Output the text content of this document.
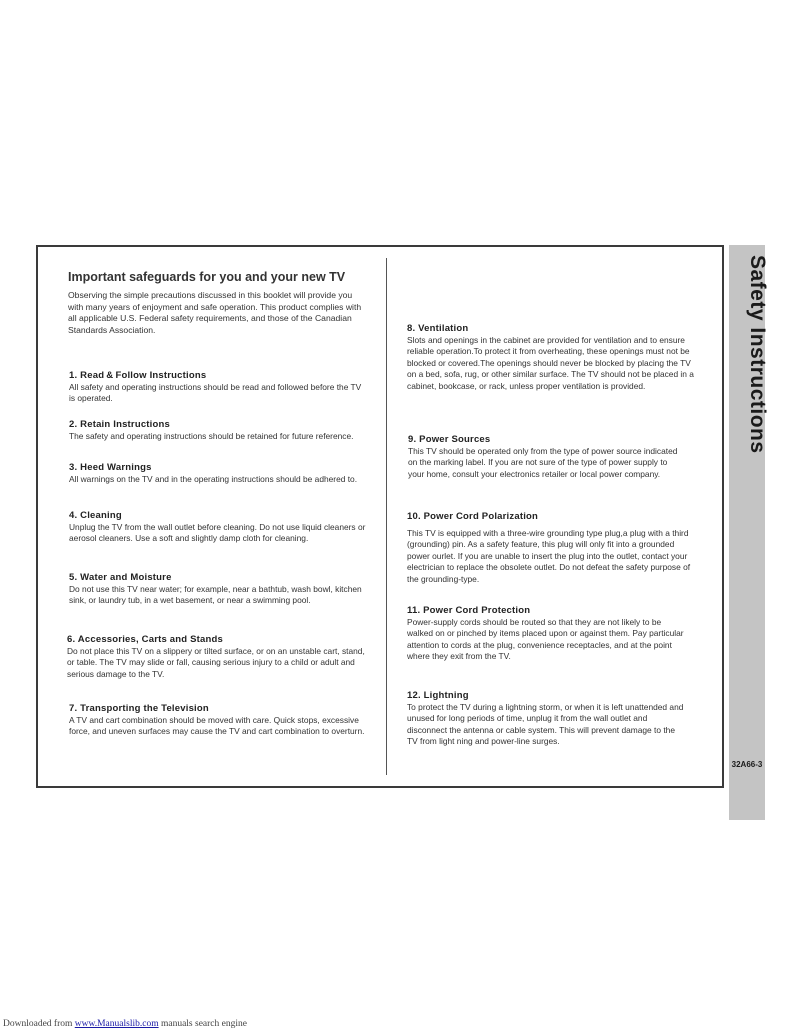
Safety Instructions
32A66-3
Important safeguards for you and your new TV
Observing the simple precautions discussed in this booklet will provide you with many years of enjoyment and safe operation. This product complies with all applicable U.S. Federal safety requirements, and those of the Canadian Standards Association.
1. Read & Follow Instructions

All safety and operating instructions should be read and followed before the TV is operated.

2. Retain Instructions

The safety and operating instructions should be retained for future reference.

3. Heed Warnings

All warnings on the TV and in the operating instructions should be adhered to.

4. Cleaning

Unplug the TV from the wall outlet before cleaning. Do not use liquid cleaners or aerosol cleaners. Use a soft and slightly damp cloth for cleaning.

5. Water and Moisture

Do not use this TV near water; for example, near a bathtub, wash bowl, kitchen sink, or laundry tub, in a wet basement, or near a swimming pool.

6. Accessories, Carts and Stands

Do not place this TV on a slippery or tilted surface, or on an unstable cart, stand, or table. The TV may slide or fall, causing serious injury to a child or adult and serious damage to the TV.

7. Transporting the Television

A TV and cart combination should be moved with care. Quick stops, excessive force, and uneven surfaces may cause the TV and cart combination to overturn.

8. Ventilation

Slots and openings in the cabinet are provided for ventilation and to ensure reliable operation.To protect it from overheating, these openings must not be blocked or covered.The openings should never be blocked by placing the TV on a bed, sofa, rug, or other similar surface. The TV should not be placed in a cabinet, bookcase, or rack, unless proper ventilation is provided.

9. Power Sources

This TV should be operated only from the type of power source indicated on the marking label. If you are not sure of the type of power supply to your home, consult your electronics retailer or local power company.

10. Power Cord Polarization

This TV is equipped with a three-wire grounding type plug,a plug with a third (grounding) pin. As a safety feature, this plug will only fit into a grounded power ourlet. If you are unable to insert the plug into the outlet, contact your electrician to replace the obsolete outlet. Do not defeat the safety purpose of the grounding-type.

11. Power Cord Protection

Power-supply cords should be routed so that they are not likely to be walked on or pinched by items placed upon or against them. Pay particular attention to cords at the plug, convenience receptacles, and at the point where they exit from the TV.

12. Lightning

To protect the TV during a lightning storm, or when it is left unattended and unused for long periods of time, unplug it from the wall outlet and disconnect the antenna or cable system. This will prevent damage to the TV from light ning and power-line surges.

Downloaded from www.Manualslib.com manuals search engine
